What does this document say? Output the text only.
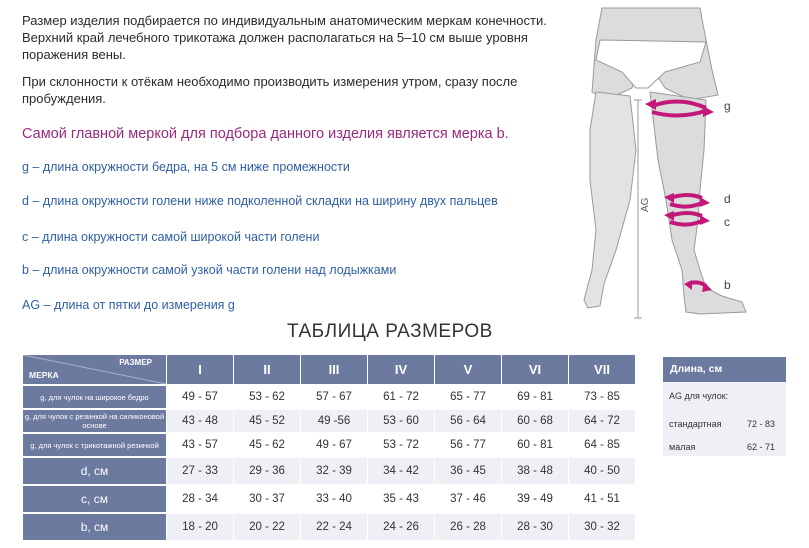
Размер изделия подбирается по индивидуальным анатомическим меркам конечности. Верхний край лечебного трикотажа должен располагаться на 5–10 см выше уровня поражения вены.

При склонности к отёкам необходимо производить измерения утром, сразу после пробуждения.

Самой главной меркой для подбора данного изделия является мерка b.

g – длина окружности бедра, на 5 см ниже промежности

d – длина окружности голени ниже подколенной складки на ширину двух пальцев

c – длина окружности самой широкой части голени

b – длина окружности самой узкой части голени над лодыжками

AG – длина от пятки до измерения g

AG
g
d
c
b

ТАБЛИЦА РАЗМЕРОВ

РАЗМЕР
МЕРКА	I	II	III	IV	V	VI	VII
g, для чулок на широкое бедро	49 - 57	53 - 62	57 - 67	61 - 72	65 - 77	69 - 81	73 - 85
g, для чулок с резинкой на силиконовой основе	43 - 48	45 - 52	49 -56	53 - 60	56 - 64	60 - 68	64 - 72
g, для чулок с трикотажной резинкой	43 - 57	45 - 62	49 - 67	53 - 72	56 - 77	60 - 81	64 - 85
d, см	27 - 33	29 - 36	32 - 39	34 - 42	36 - 45	38 - 48	40 - 50
c, см	28 - 34	30 - 37	33 - 40	35 - 43	37 - 46	39 - 49	41 - 51
b, см	18 - 20	20 - 22	22 - 24	24 - 26	26 - 28	28 - 30	30 - 32
Длина, см
AG для чулок:
стандартная	72 - 83
малая	62 - 71
